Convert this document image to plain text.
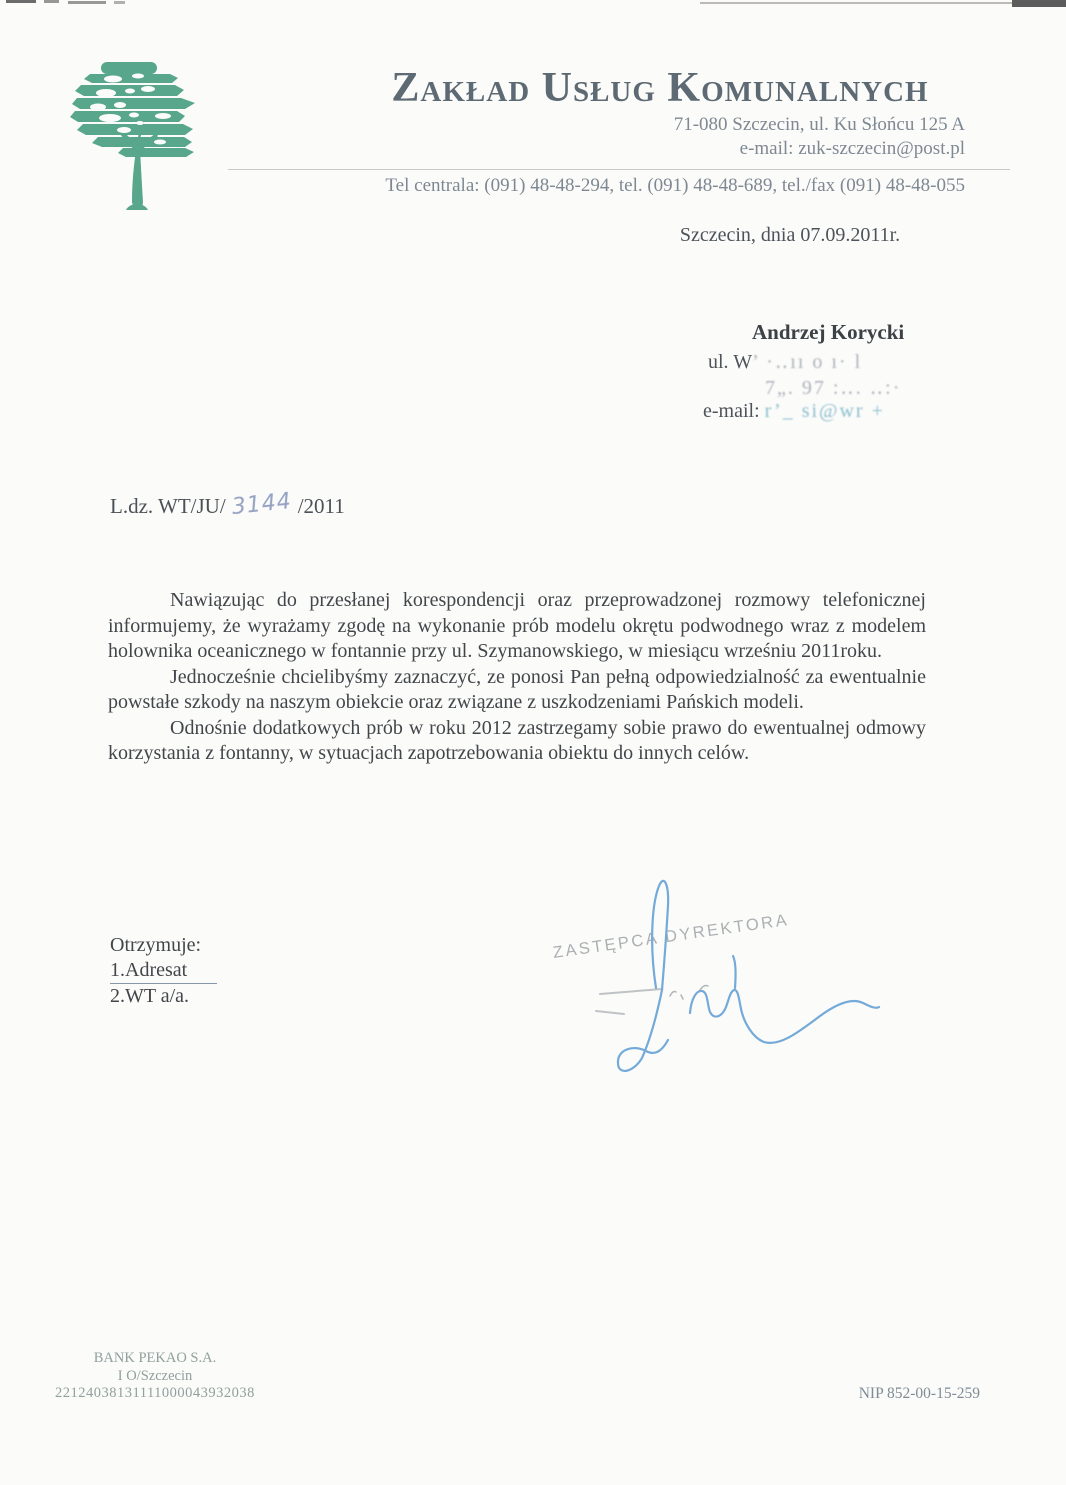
Zakład Usług Komunalnych
71-080 Szczecin, ul. Ku Słońcu 125 A
e-mail: zuk-szczecin@post.pl
Tel centrala: (091) 48-48-294, tel. (091) 48-48-689, tel./fax (091) 48-48-055
Szczecin, dnia 07.09.2011r.
Andrzej Korycki
ul. W’ ·‥ıı o ı· l
7„. 97 :‥. ‥:·
e-mail: r’_ si@wr +
L.dz. WT/JU/ 3144 /2011

Nawiązując do przesłanej korespondencji oraz przeprowadzonej rozmowy telefonicznej informujemy, że wyrażamy zgodę na wykonanie prób modelu okrętu podwodnego wraz z modelem holownika oceanicznego w fontannie przy ul. Szymanowskiego, w miesiącu wrześniu 2011roku.

Jednocześnie chcielibyśmy zaznaczyć, ze ponosi Pan pełną odpowiedzialność za ewentualnie powstałe szkody na naszym obiekcie oraz związane z uszkodzeniami Pańskich modeli.

Odnośnie dodatkowych prób w roku 2012 zastrzegamy sobie prawo do ewentualnej odmowy korzystania z fontanny, w sytuacjach zapotrzebowania obiektu do innych celów.

Otrzymuje:
1.Adresat
2.WT a/a.
ZASTĘPCA DYREKTORA
BANK PEKAO S.A.
I O/Szczecin
22124038131111000043932038	NIP 852-00-15-259
